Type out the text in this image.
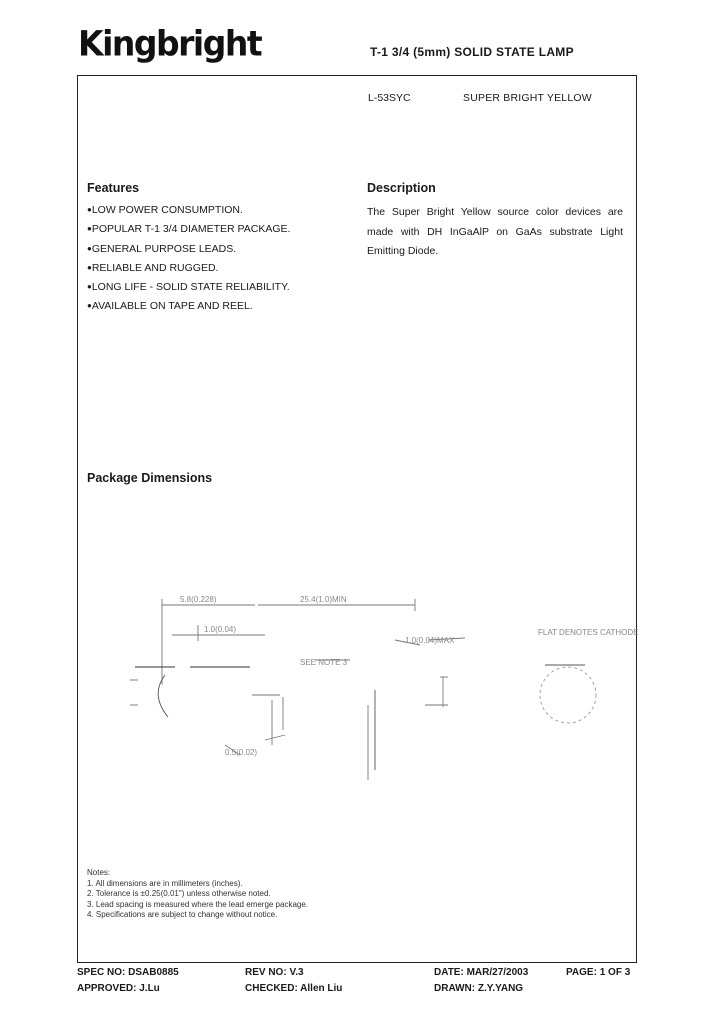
Kingbright	T-1 3/4 (5mm) SOLID STATE LAMP
L-53SYC	SUPER BRIGHT YELLOW
Features
●LOW POWER CONSUMPTION.
●POPULAR T-1 3/4 DIAMETER PACKAGE.
●GENERAL PURPOSE LEADS.
●RELIABLE AND RUGGED.
●LONG LIFE - SOLID STATE RELIABILITY.
●AVAILABLE ON TAPE AND REEL.
Description
The Super Bright Yellow source color devices are made with DH InGaAlP on GaAs substrate Light Emitting Diode.
Package Dimensions
5.8(0.228)	25.4(1.0)MIN
1.0(0.04)
SEE NOTE 3
1.0(0.04)MAX
FLAT DENOTES CATHODE
0.5(0.02)
Notes:
1. All dimensions are in millimeters (inches).
2. Tolerance is ±0.25(0.01") unless otherwise noted.
3. Lead spacing is measured where the lead emerge package.
4. Specifications are subject to change without notice.
SPEC NO: DSAB0885	REV NO: V.3	DATE: MAR/27/2003	PAGE: 1 OF 3
APPROVED: J.Lu	CHECKED: Allen Liu	DRAWN: Z.Y.YANG
